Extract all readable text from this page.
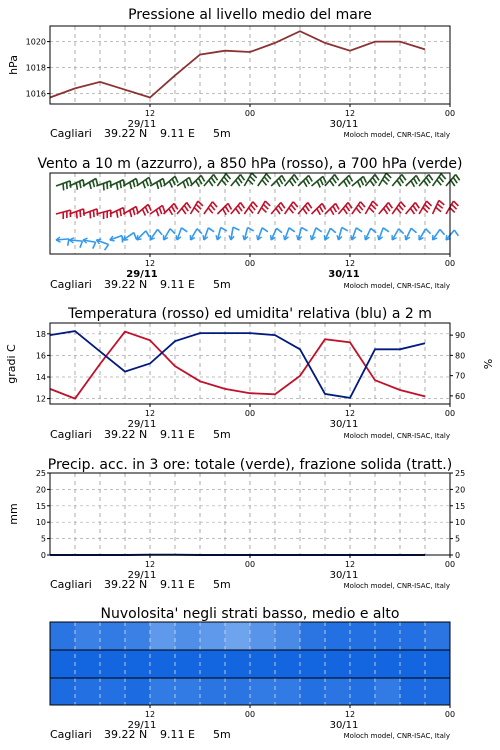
Pressione al livello medio del mare
hPa
1016
1018
1020
12	00	12	00
29/11	30/11
Vento a 10 m (azzurro), a 850 hPa (rosso), a 700 hPa (verde)
12	00	12	00
29/11	30/11
Temperatura (rosso) ed umidita' relativa (blu) a 2 m
gradi C	%
12
14
16
18
60
70
80
90
12	00	12	00
29/11	30/11
Precip. acc. in 3 ore: totale (verde), frazione solida (tratt.)
mm
0
5
10
15
20
25
0
5
10
15
20
25
12	00	12	00
29/11	30/11
Nuvolosita' negli strati basso, medio e alto
12	00	12	00
29/11	30/11
Cagliari 39.22 N 9.11 E 5m	Moloch model, CNR-ISAC, Italy
Cagliari 39.22 N 9.11 E 5m	Moloch model, CNR-ISAC, Italy
Cagliari 39.22 N 9.11 E 5m	Moloch model, CNR-ISAC, Italy
Cagliari 39.22 N 9.11 E 5m	Moloch model, CNR-ISAC, Italy
Cagliari 39.22 N 9.11 E 5m	Moloch model, CNR-ISAC, Italy
